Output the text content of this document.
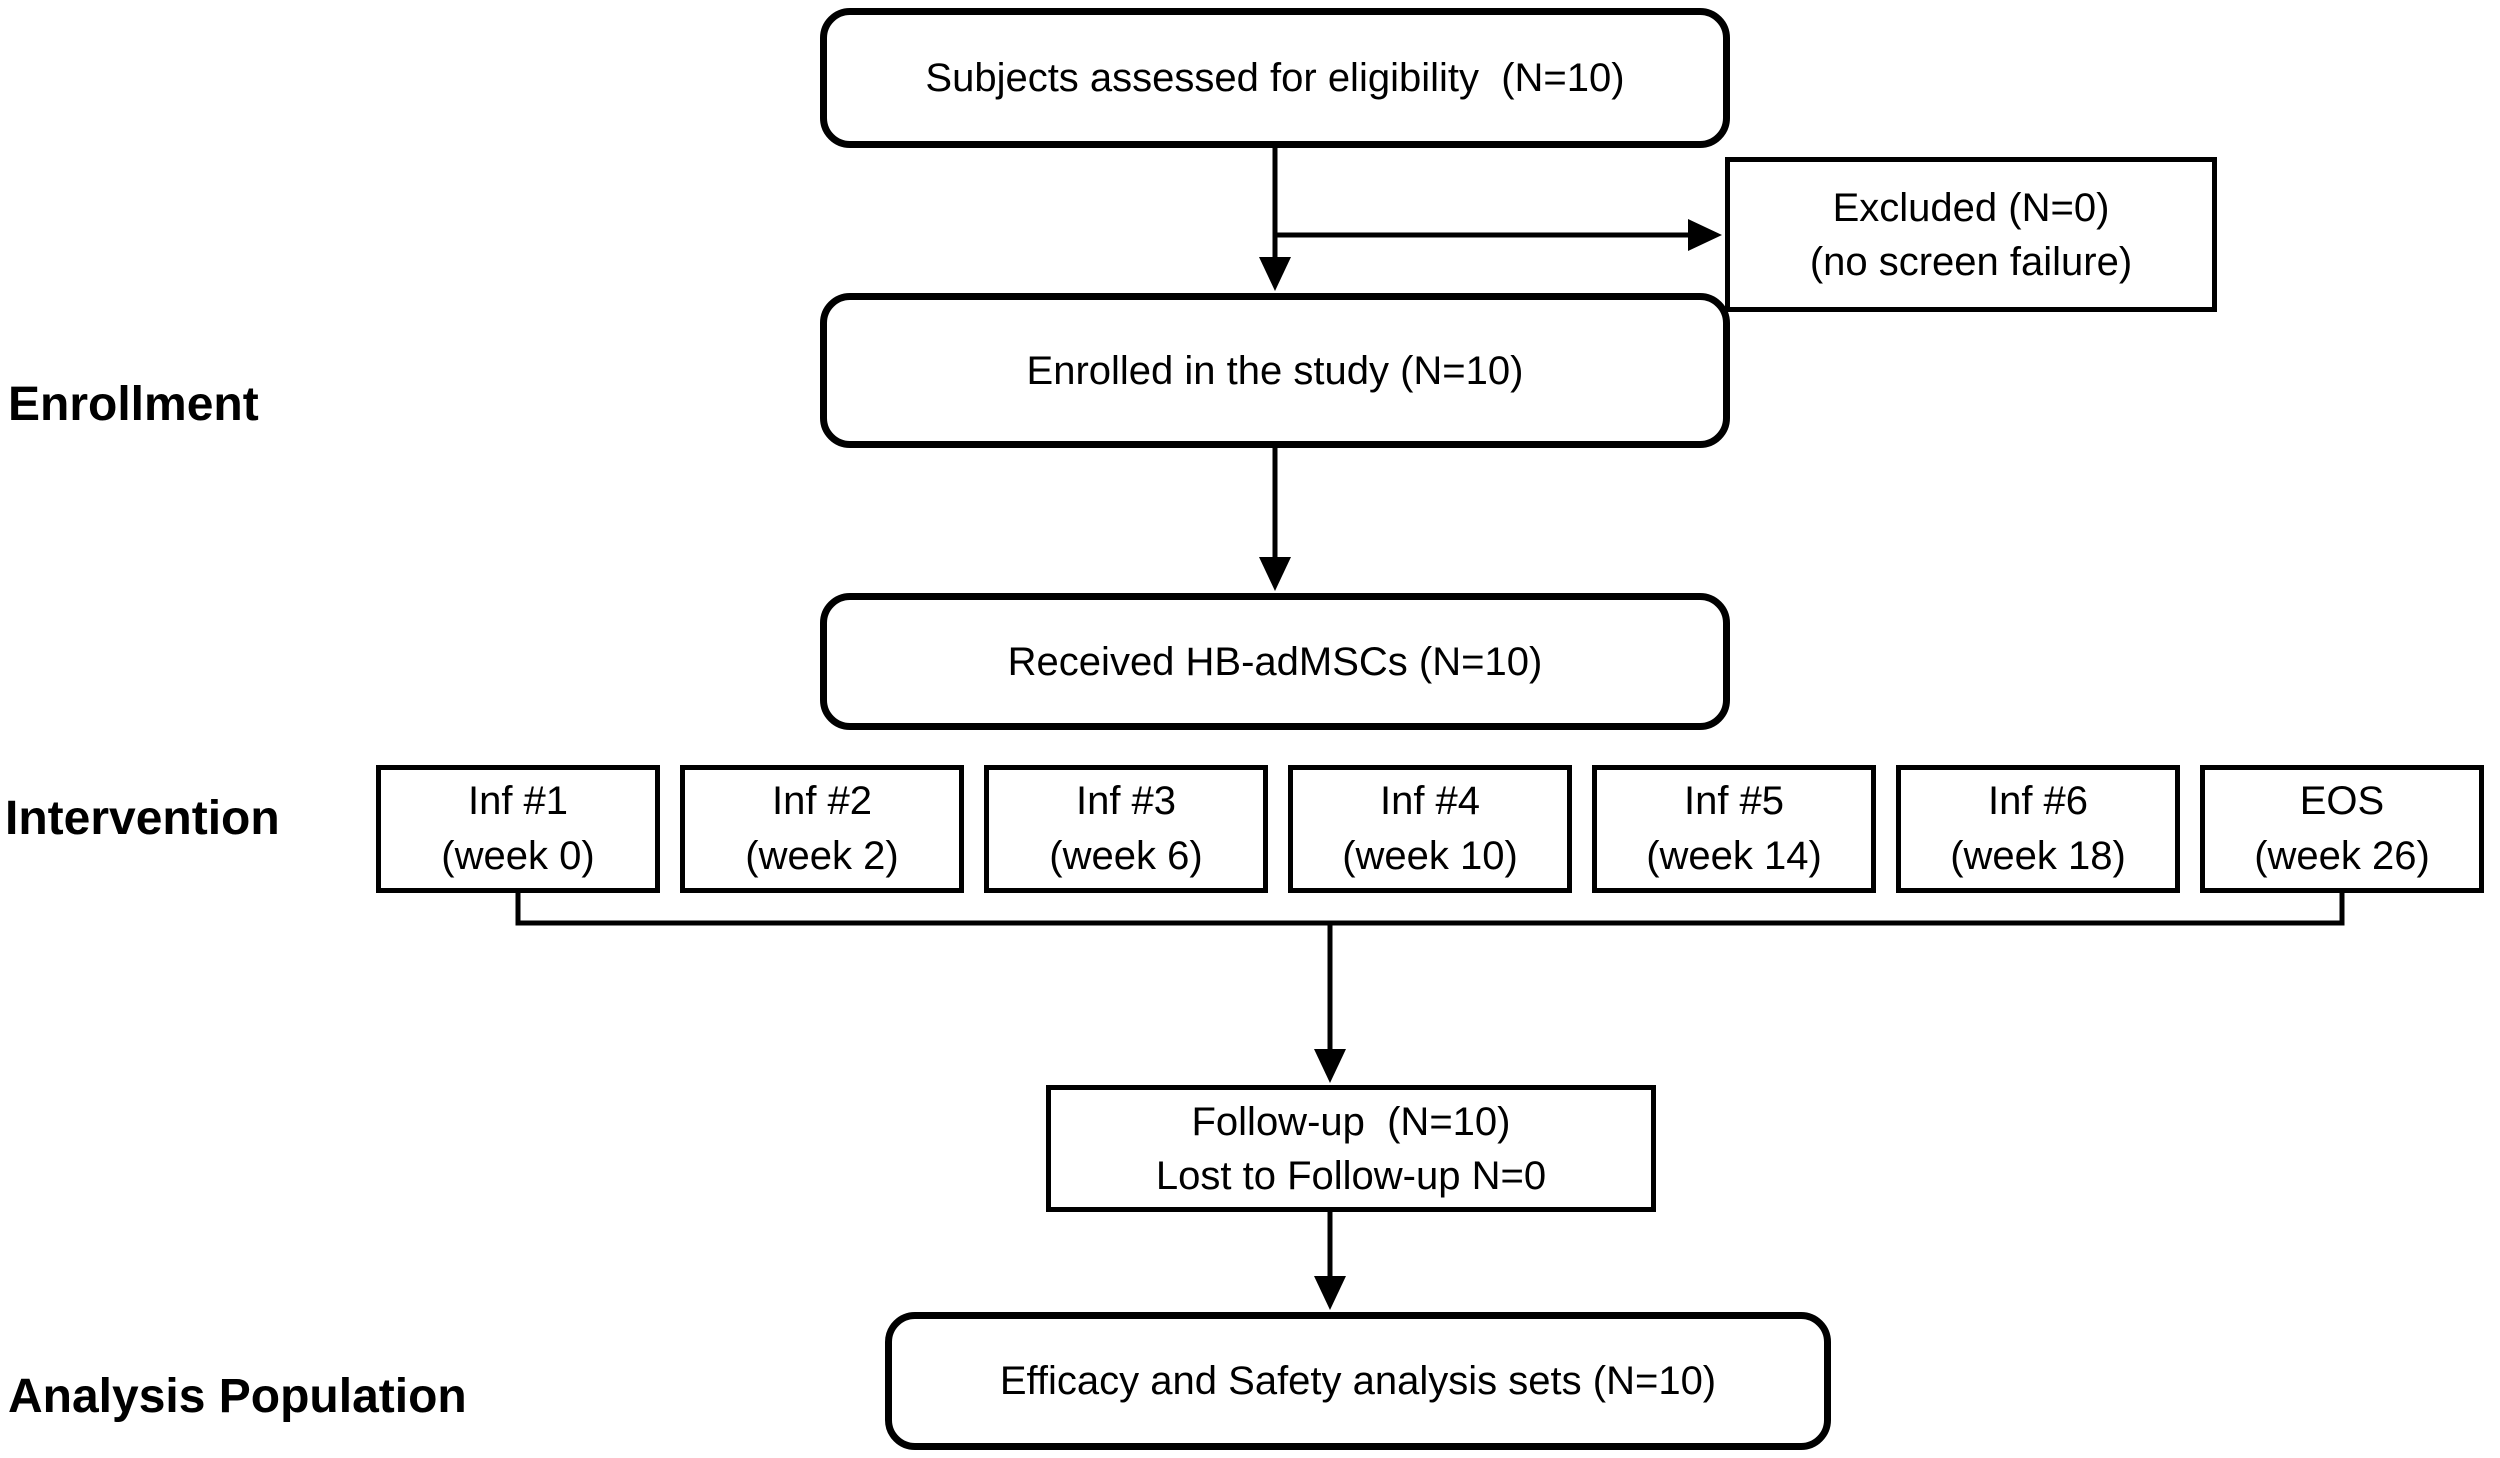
Enrollment
Intervention
Analysis Population
Subjects assessed for eligibility  (N=10)
Excluded (N=0)
(no screen failure)
Enrolled in the study (N=10)
Received HB-adMSCs (N=10)
Inf #1
(week 0)
Inf #2
(week 2)
Inf #3
(week 6)
Inf #4
(week 10)
Inf #5
(week 14)
Inf #6
(week 18)
EOS
(week 26)
Follow-up  (N=10)
Lost to Follow-up N=0
Efficacy and Safety analysis sets (N=10)
